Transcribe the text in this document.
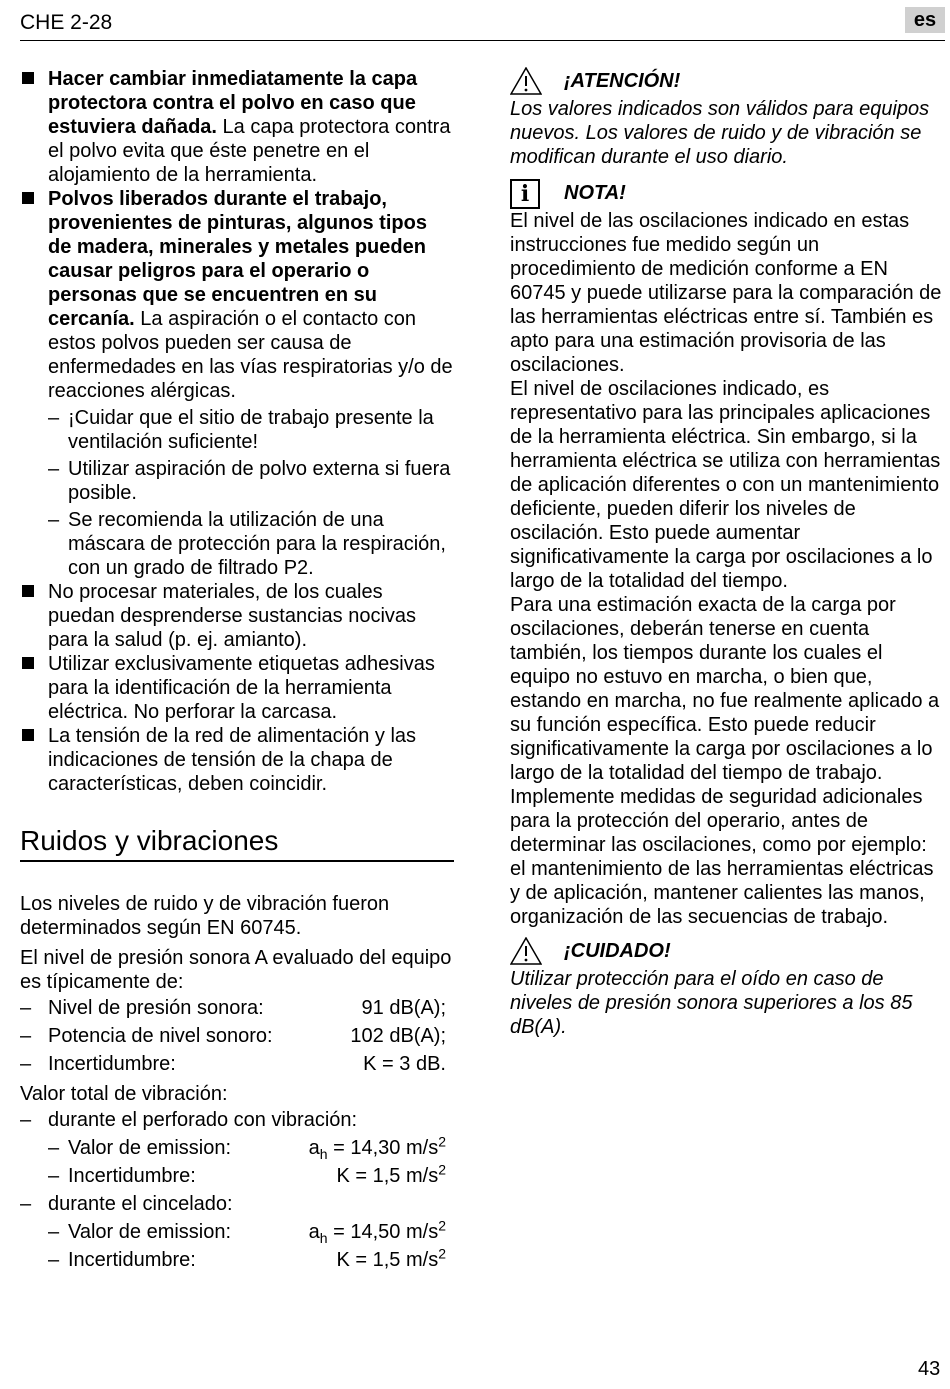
CHE 2-28	es

Hacer cambiar inmediatamente la capa protectora contra el polvo en caso que estuviera dañada. La capa protectora contra el polvo evita que éste penetre en el alojamiento de la herramienta.

Polvos liberados durante el trabajo, provenientes de pinturas, algunos tipos de madera, minerales y metales pueden causar peligros para el operario o personas que se encuentren en su cercanía. La aspiración o el contacto con estos polvos pueden ser causa de enfermedades en las vías respiratorias y/o de reacciones alérgicas.

– ¡Cuidar que el sitio de trabajo presente la ventilación suficiente!

– Utilizar aspiración de polvo externa si fuera posible.

– Se recomienda la utilización de una máscara de protección para la respiración, con un grado de filtrado P2.

No procesar materiales, de los cuales puedan desprenderse sustancias nocivas para la salud (p. ej. amianto).

Utilizar exclusivamente etiquetas adhesivas para la identificación de la herramienta eléctrica. No perforar la carcasa.

La tensión de la red de alimentación y las indicaciones de tensión de la chapa de características, deben coincidir.

Ruidos y vibraciones

Los niveles de ruido y de vibración fueron determinados según EN 60745.

El nivel de presión sonora A evaluado del equipo es típicamente de:

– Nivel de presión sonora:	91 dB(A);
– Potencia de nivel sonoro:	102 dB(A);
– Incertidumbre:	K = 3 dB.

Valor total de vibración:

– durante el perforado con vibración:
– Valor de emission:	$a_h = 14,30$ $m/s^2$
– Incertidumbre:	K = 1,5 $m/s^2$
– durante el cincelado:
– Valor de emission:	$a_h = 14,50$ $m/s^2$
– Incertidumbre:	K = 1,5 $m/s^2$
¡ATENCIÓN!

Los valores indicados son válidos para equipos nuevos. Los valores de ruido y de vibración se modifican durante el uso diario.

i	NOTA!

El nivel de las oscilaciones indicado en estas instrucciones fue medido según un procedimiento de medición conforme a EN 60745 y puede utilizarse para la comparación de las herramientas eléctricas entre sí. También es apto para una estimación provisoria de las oscilaciones.

El nivel de oscilaciones indicado, es representativo para las principales aplicaciones de la herramienta eléctrica. Sin embargo, si la herramienta eléctrica se utiliza con herramientas de aplicación diferentes o con un mantenimiento deficiente, pueden diferir los niveles de oscilación. Esto puede aumentar significativamente la carga por oscilaciones a lo largo de la totalidad del tiempo.

Para una estimación exacta de la carga por oscilaciones, deberán tenerse en cuenta también, los tiempos durante los cuales el equipo no estuvo en marcha, o bien que, estando en marcha, no fue realmente aplicado a su función específica. Esto puede reducir significativamente la carga por oscilaciones a lo largo de la totalidad del tiempo de trabajo.

Implemente medidas de seguridad adicionales para la protección del operario, antes de determinar las oscilaciones, como por ejemplo: el mantenimiento de las herramientas eléctricas y de aplicación, mantener calientes las manos, organización de las secuencias de trabajo.

¡CUIDADO!

Utilizar protección para el oído en caso de niveles de presión sonora superiores a los 85 dB(A).

43
